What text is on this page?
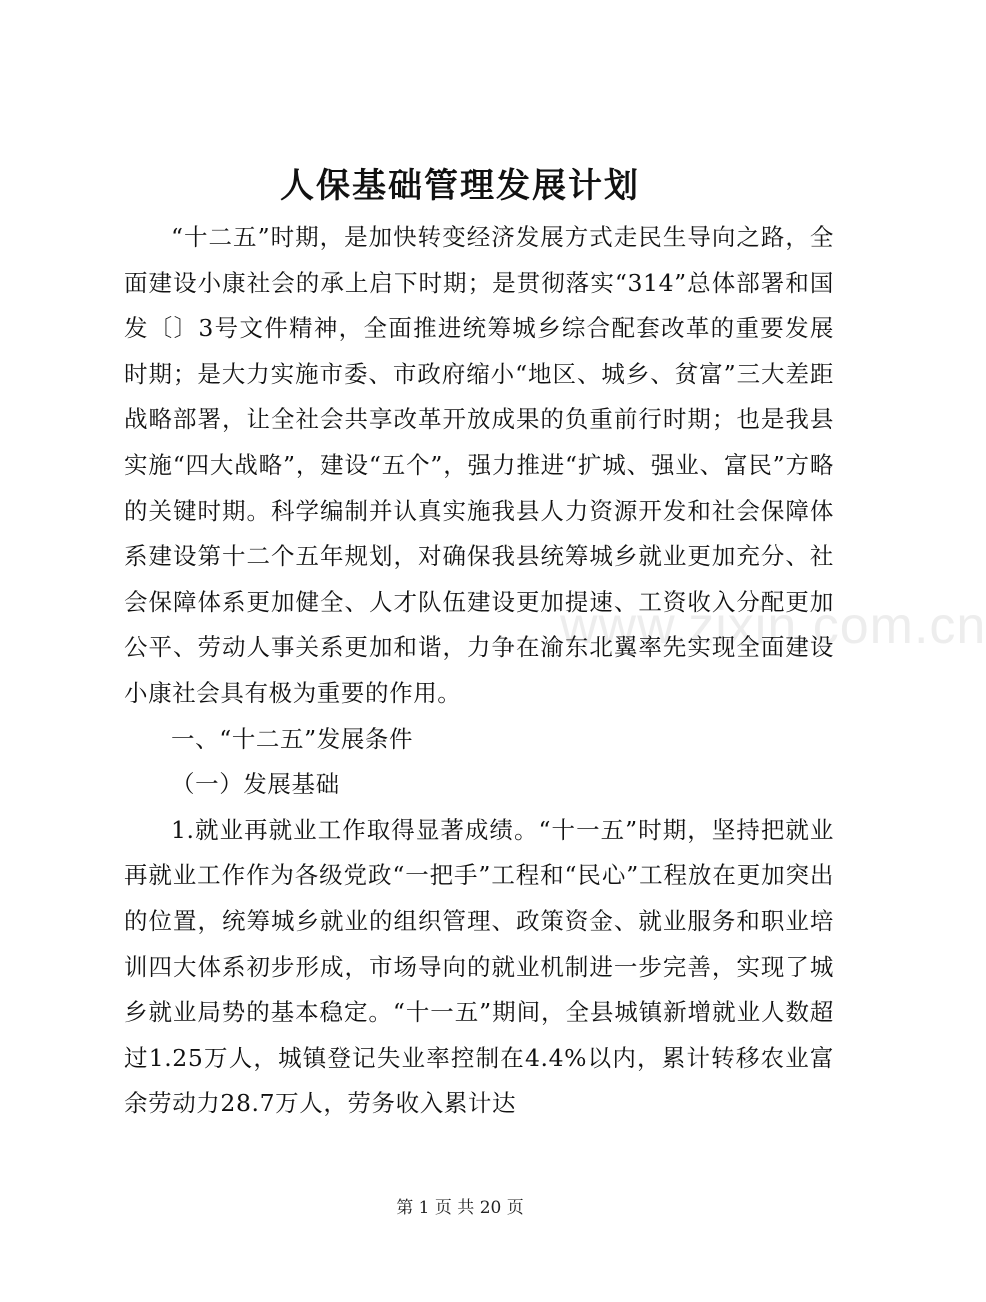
www.zixin.com.cn
人保基础管理发展计划

“十二五”时期，是加快转变经济发展方式走民生导向之路，全面建设小康社会的承上启下时期；是贯彻落实“314”总体部署和国发〔〕3号文件精神，全面推进统筹城乡综合配套改革的重要发展时期；是大力实施市委、市政府缩小“地区、城乡、贫富”三大差距战略部署，让全社会共享改革开放成果的负重前行时期；也是我县实施“四大战略”，建设“五个”，强力推进“扩城、强业、富民”方略的关键时期。科学编制并认真实施我县人力资源开发和社会保障体系建设第十二个五年规划，对确保我县统筹城乡就业更加充分、社会保障体系更加健全、人才队伍建设更加提速、工资收入分配更加公平、劳动人事关系更加和谐，力争在渝东北翼率先实现全面建设小康社会具有极为重要的作用。

一、“十二五”发展条件

（一）发展基础

1.就业再就业工作取得显著成绩。“十一五”时期，坚持把就业再就业工作作为各级党政“一把手”工程和“民心”工程放在更加突出的位置，统筹城乡就业的组织管理、政策资金、就业服务和职业培训四大体系初步形成，市场导向的就业机制进一步完善，实现了城乡就业局势的基本稳定。“十一五”期间，全县城镇新增就业人数超过1.25万人，城镇登记失业率控制在4.4%以内，累计转移农业富余劳动力28.7万人，劳务收入累计达

第 1 页 共 20 页
